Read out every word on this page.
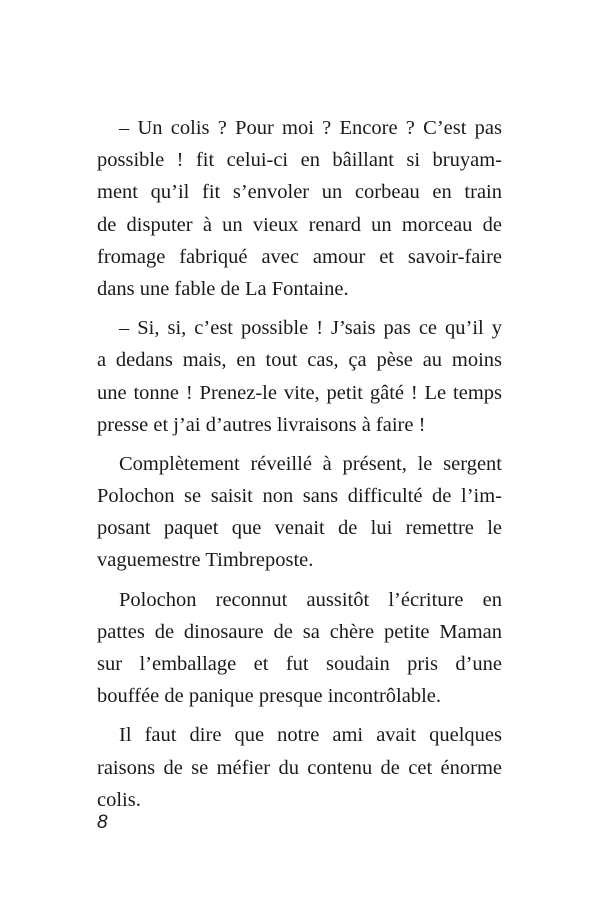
– Un colis ? Pour moi ? Encore ? C’est pas
possible ! fit celui-ci en bâillant si bruyam-
ment qu’il fit s’envoler un corbeau en train
de disputer à un vieux renard un morceau de
fromage fabriqué avec amour et savoir-faire
dans une fable de La Fontaine.
– Si, si, c’est possible ! J’sais pas ce qu’il y
a dedans mais, en tout cas, ça pèse au moins
une tonne ! Prenez-le vite, petit gâté ! Le temps
presse et j’ai d’autres livraisons à faire !
Complètement réveillé à présent, le sergent
Polochon se saisit non sans difficulté de l’im-
posant paquet que venait de lui remettre le
vaguemestre Timbreposte.
Polochon reconnut aussitôt l’écriture en
pattes de dinosaure de sa chère petite Maman
sur l’emballage et fut soudain pris d’une
bouffée de panique presque incontrôlable.
Il faut dire que notre ami avait quelques
raisons de se méfier du contenu de cet énorme
colis.
8
